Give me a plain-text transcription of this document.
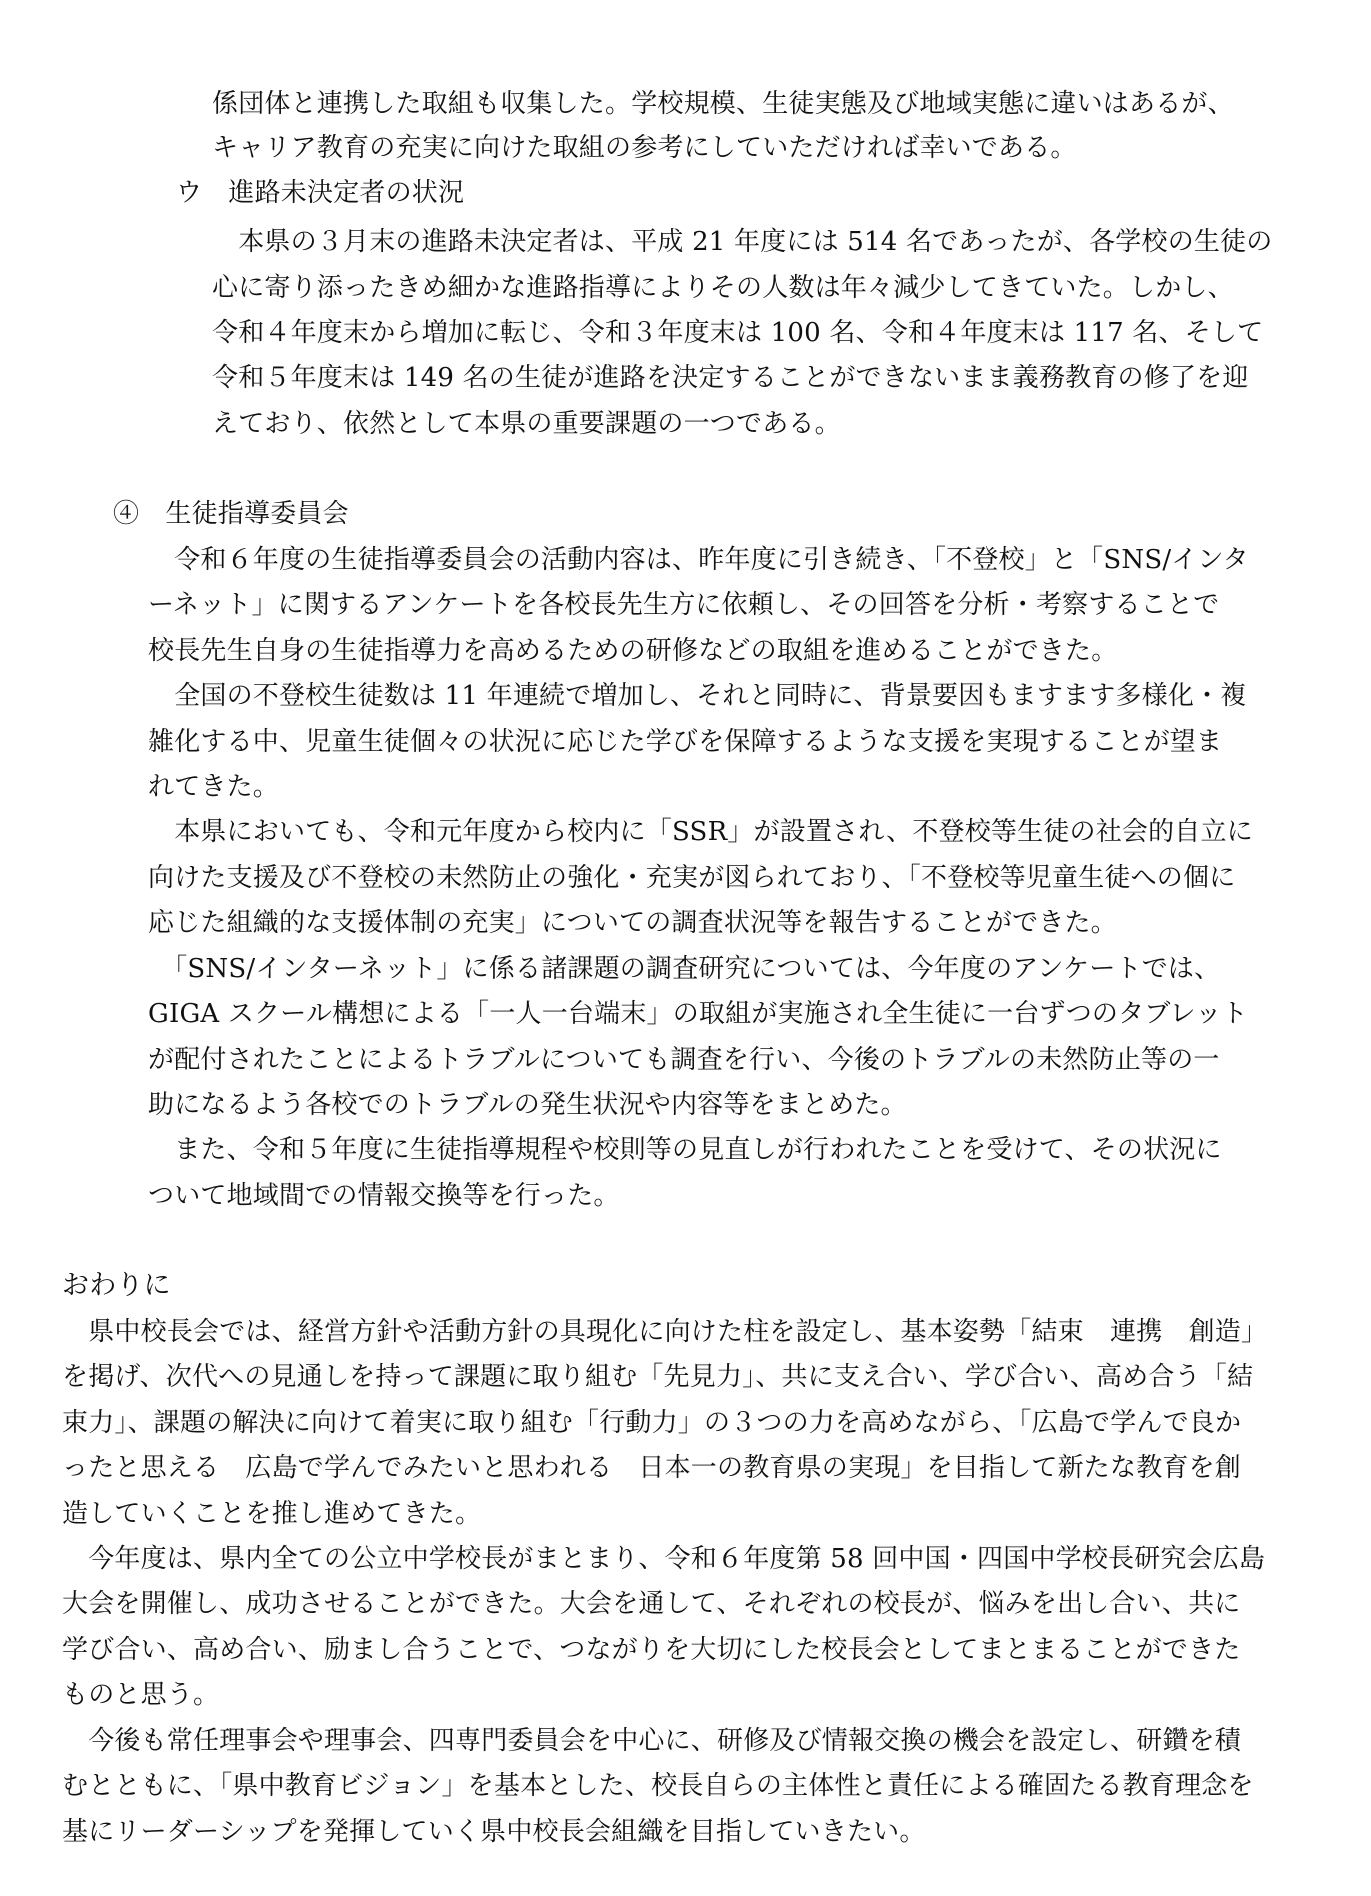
係団体と連携した取組も収集した。学校規模、生徒実態及び地域実態に違いはあるが、
キャリア教育の充実に向けた取組の参考にしていただければ幸いである。
ウ　進路未決定者の状況
　本県の３月末の進路未決定者は、平成 21 年度には 514 名であったが、各学校の生徒の
心に寄り添ったきめ細かな進路指導によりその人数は年々減少してきていた。しかし、
令和４年度末から増加に転じ、令和３年度末は 100 名、令和４年度末は 117 名、そして
令和５年度末は 149 名の生徒が進路を決定することができないまま義務教育の修了を迎
えており、依然として本県の重要課題の一つである。
④　生徒指導委員会
　令和６年度の生徒指導委員会の活動内容は、昨年度に引き続き、「不登校」と「SNS/インタ
ーネット」に関するアンケートを各校長先生方に依頼し、その回答を分析・考察することで
校長先生自身の生徒指導力を高めるための研修などの取組を進めることができた。
　全国の不登校生徒数は 11 年連続で増加し、それと同時に、背景要因もますます多様化・複
雑化する中、児童生徒個々の状況に応じた学びを保障するような支援を実現することが望ま
れてきた。
　本県においても、令和元年度から校内に「SSR」が設置され、不登校等生徒の社会的自立に
向けた支援及び不登校の未然防止の強化・充実が図られており、「不登校等児童生徒への個に
応じた組織的な支援体制の充実」についての調査状況等を報告することができた。
　「SNS/インターネット」に係る諸課題の調査研究については、今年度のアンケートでは、
GIGA スクール構想による「一人一台端末」の取組が実施され全生徒に一台ずつのタブレット
が配付されたことによるトラブルについても調査を行い、今後のトラブルの未然防止等の一
助になるよう各校でのトラブルの発生状況や内容等をまとめた。
　また、令和５年度に生徒指導規程や校則等の見直しが行われたことを受けて、その状況に
ついて地域間での情報交換等を行った。
おわりに
　県中校長会では、経営方針や活動方針の具現化に向けた柱を設定し、基本姿勢「結束　連携　創造」
を掲げ、次代への見通しを持って課題に取り組む「先見力」、共に支え合い、学び合い、高め合う「結
束力」、課題の解決に向けて着実に取り組む「行動力」の３つの力を高めながら、「広島で学んで良か
ったと思える　広島で学んでみたいと思われる　日本一の教育県の実現」を目指して新たな教育を創
造していくことを推し進めてきた。
　今年度は、県内全ての公立中学校長がまとまり、令和６年度第 58 回中国・四国中学校長研究会広島
大会を開催し、成功させることができた。大会を通して、それぞれの校長が、悩みを出し合い、共に
学び合い、高め合い、励まし合うことで、つながりを大切にした校長会としてまとまることができた
ものと思う。
　今後も常任理事会や理事会、四専門委員会を中心に、研修及び情報交換の機会を設定し、研鑽を積
むとともに、「県中教育ビジョン」を基本とした、校長自らの主体性と責任による確固たる教育理念を
基にリーダーシップを発揮していく県中校長会組織を目指していきたい。
